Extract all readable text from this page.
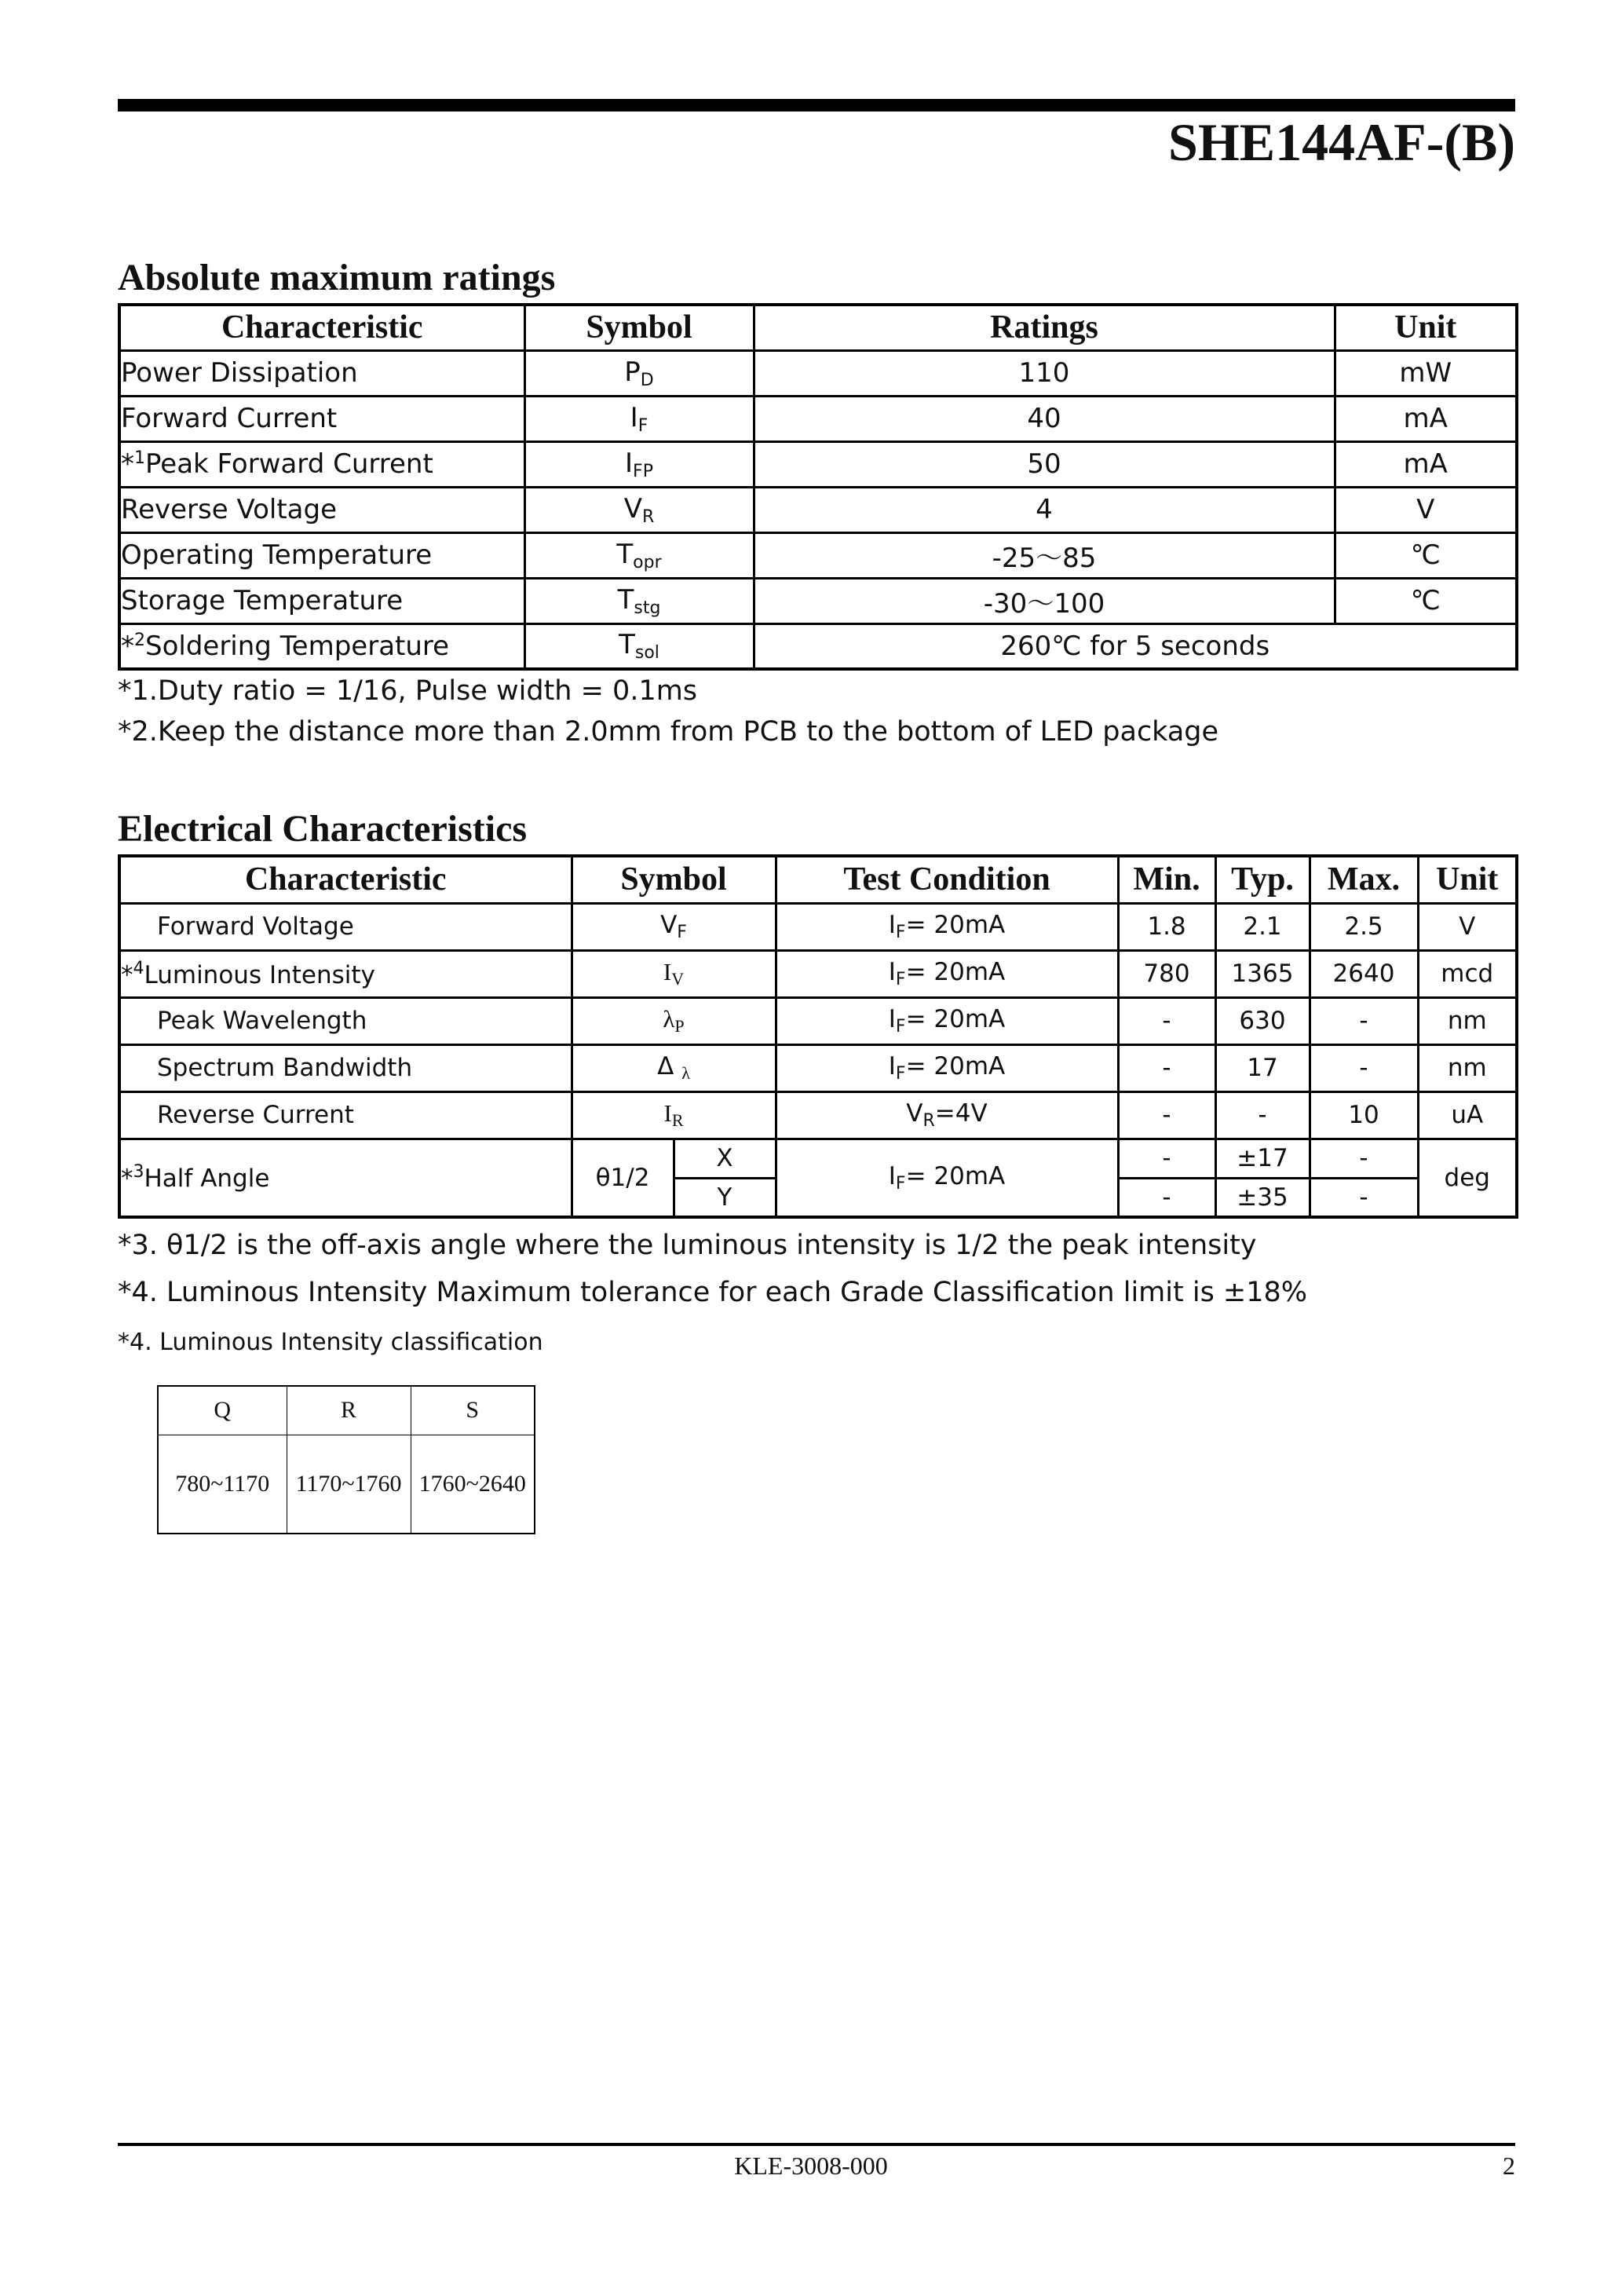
SHE144AF-(B)
Absolute maximum ratings
Characteristic	Symbol	Ratings	Unit
Power Dissipation	$P_D$	110	mW
Forward Current	$I_F$	40	mA
*$^1$Peak Forward Current	$I_{FP}$	50	mA
Reverse Voltage	$V_R$	4	V
Operating Temperature	$T_{opr}$	-25～85	℃
Storage Temperature	$T_{stg}$	-30～100	℃
*$^2$Soldering Temperature	$T_{sol}$	260℃ for 5 seconds	
*1.Duty ratio = 1/16, Pulse width = 0.1ms
*2.Keep the distance more than 2.0mm from PCB to the bottom of LED package
Electrical Characteristics
Characteristic	Symbol		Test Condition	Min.	Typ.	Max.	Unit
Forward Voltage	$V_F$		$I_F= 20mA$	1.8	2.1	2.5	V
*$^4$Luminous Intensity	$I_V$		$I_F= 20mA$	780	1365	2640	mcd
Peak Wavelength	$\lambda_P$		$I_F= 20mA$	-	630	-	nm
Spectrum Bandwidth	Δ $_\lambda$		$I_F= 20mA$	-	17	-	nm
Reverse Current	$I_R$		$V_R=4V$	-	-	10	uA
*$^3$Half Angle	θ1/2	X	$I_F= 20mA$	-	±17	-	deg
		Y		-	±35	-	
*3. θ1/2 is the off-axis angle where the luminous intensity is 1/2 the peak intensity
*4. Luminous Intensity Maximum tolerance for each Grade Classification limit is ±18%
*4. Luminous Intensity classification
Q	R	S
780~1170	1170~1760	1760~2640
KLE-3008-000	2
